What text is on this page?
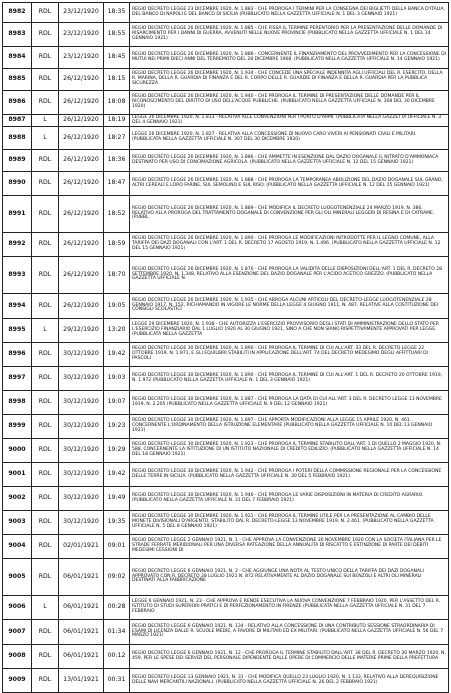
8982	RDL	23/12/1920	18:35	REGIO DECRETO LEGGE 23 DICEMBRE 1920, N. 1.883 - CHE PROROGA I TERMINI PER LA CONSEGNA DEI BIGLIETTI DELLA BANCA D'ITALIA, DEL BANCO DI NAPOLI E DEL BANCO DI SICILIA (PUBBLICATO NELLA GAZZETTA UFFICIALE N. 1 DEL 3 GENNAIO 1921)
8983	RDL	23/12/1920	18:55	REGIO DECRETO LEGGE 26 DICEMBRE 1920, N. 1.885 - CHE FISSA IL TERMINE PERENTORIO PER LA PRESENTAZIONE DELLE DOMANDE DI RISARCIMENTO PER I DANNI DI GUERRA, AVVENUTI NELLE NUOVE PROVINCIE (PUBBLICATO NELLA GAZZETTA UFFICIALE N. 1 DEL 14 GENNAIO 1921)
8984	RDL	23/12/1920	18:45	REGIO DECRETO LEGGE 26 DICEMBRE 1920, N. 1.886 - CONCERNENTE IL FINANZIAMENTO DEL PROVVEDIMENTO PER LA CONCESSIONE DI MUTUI NEI PRIMI DIECI ANNI DEL TERREMOTO DEL 28 DICEMBRE 1908. (PUBBLICATO NELLA GAZZETTA UFFICIALE N. 14 GENNAIO 1921)
8985	RDL	26/12/1920	18:15	REGIO DECRETO LEGGE 26 DICEMBRE 1920, N. 1.934 - CHE CONCEDE UNA SPECIALE INDENNITA AGLI UFFICIALI DEL R. ESERCITO, DELLA R. MARINA, DELLA R. GUARDIA DI FINANZA E DEL R. CORPO DELLE R. GUARDIE DI FINANZA E DELLA R. GUARDIA PER LA PUBBLICA SICUREZZA
8986	RDL	26/12/1920	18:08	REGIO DECRETO LEGGE 26 DICEMBRE 1920, N. 1.940 - CHE PROROGA IL TERMINE DI PRESENTAZIONE DELLE DOMANDE PER IL RICONOSCIMENTO DEL DIRITTO DI USO DELL'ACQUE PUBBLICHE. (PUBBLICATO NELLA GAZZETTA UFFICIALE N. 308 DEL 30 DICEMBRE 1920)
8987	L	26/12/1920	18:19	LEGGE 26 DICEMBRE 1920, N. 1.813 - RELATIVA ALLE CONVENZIONI PER I PORTO D'ARMI. (PUBBLICATA NELLA GAZZETTA UFFICIALE N. 3 DEL 4 GENNAIO 1921)
8988	L	26/12/1920	18:27	LEGGE 26 DICEMBRE 1920, N. 1.827 - RELATIVA ALLA CONCESSIONE DI NUOVO CARO VIVERI AI PENSIONATI CIVILI E MILITARI. (PUBBLICATA NELLA GAZZETTA UFFICIALE N. 307 DEL 30 DICEMBRE 1920)
8989	RDL	26/12/1920	18:36	REGIO DECRETO LEGGE 26 DICEMBRE 1920, N. 1.886 - CHE AMMETTE IN ESENZIONE DAL DAZIO DOGANALE IL NITRATO D'AMMONIACA DESTINATO PER USO DI CONCIMAZIONE AGRICOLA. (PUBBLICATO NELLA GAZZETTA UFFICIALE N. 12 DEL 15 GENNAIO 1921)
8990	RDL	26/12/1920	18:47	REGIO DECRETO LEGGE 26 DICEMBRE 1920, N. 1.888 - CHE PROROGA LA TEMPORANEA ABOLIZIONE DEL DAZIO DOGANALE SUL GRANO, ALTRI CEREALI E LORO FARINE, SUL SEMOLINO E SUL RISO. (PUBBLICATO NELLA GAZZETTA UFFICIALE N. 12 DEL 15 GENNAIO 1921)
8991	RDL	26/12/1920	18:52	REGIO DECRETO LEGGE 26 DICEMBRE 1920, N. 1.889 - CHE MODIFICA IL DECRETO LUOGOTENENZIALE 24 MARZO 1919, N. 386, RELATIVO ALLA PROROGA DEL TRATTAMENTO DOGANALE DI CONVENZIONE PER GLI OLI MINERALI LEGGERI DI RESINA E DI CATRAME. (PUBBL.
8992	RDL	26/12/1920	18:59	REGIO DECRETO LEGGE 26 DICEMBRE 1920, N. 1.890 - CHE PROROGA LE MODIFICAZIONI INTRODOTTE PER IL LEGNO COMUNE, ALLA TARIFFA DEI DAZI DOGANALI CON L'ART. 1 DEL R. DECRETO 17 AGOSTO 1919, N. 1.496. (PUBBLICATO NELLA GAZZETTA UFFICIALE N. 12 DEL 15 GENNAIO 1921)
8993	RDL	26/12/1920	18:70	REGIO DECRETO LEGGE 26 DICEMBRE 1920, N. 1.870 - CHE PROROGA LA VALIDITA DELLE DISPOSIZIONI DELL'ART. 1 DEL R. DECRETO 28 SETTEMBRE 1920, N. 1.348, RELATIVO ALLA ESENZIONE DEL DAZIO DOGANALE PER L'ACIDO ACETICO GREZZO. (PUBBLICATO NELLA GAZZETTA UFFICIALE N.
8994	RDL	26/12/1920	19:05	REGIO DECRETO LEGGE 26 DICEMBRE 1920, N. 1.935 - CHE ABROGA ALCUNI ARTICOLI DEL DECRETO-LEGGE LUOGOTENENZIALE 28 GENNAIO 1917, N. 152, RICHIAMANDO IN VIGORE LE NORME DELLA LEGGE 4 GIUGNO 1911, N. 487, RELATIVE ALLA COSTITUZIONE DEI CONSIGLI SCOLASTICI
8995	L	29/12/1920	13:20	LEGGE 29 DICEMBRE 1920, N. 1.938 - CHE AUTORIZZA L'ESERCIZIO PROVVISORIO DEGLI STATI DI AMMINISTRAZIONE DELLO STATO PER L'ESERCIZIO FINANZIARIO DAL 1 LUGLIO 1920 AL 30 GIUGNO 1921, SINO A CHE NON SIANO RISPETTIVAMENTE APPROVATI PER LEGGE. (PUBBLICATA NELLA GAZZETTA
8996	RDL	30/12/1920	19:42	REGIO DECRETO LEGGE 30 DICEMBRE 1920, N. 1.890 - CHE PROROGA IL TERMINE DI CUI ALL'ART. 33 DEL R. DECRETO LEGGE 22 OTTOBRE 1919, N. 1.971, E GLI EQUILIBRI STABILITI IN APPLICAZIONE DELL'ART. 74 DEL DECRETO MEDESIMO DEGLI AFFITTUARI DI PASCOLI
8997	RDL	30/12/1920	19:03	REGIO DECRETO LEGGE 30 DICEMBRE 1920, N. 1.890 - CHE PROROGA IL TERMINE DI CUI ALL'ART. 1 DEL R. DECRETO 20 OTTOBRE 1919, N. 1.972 (PUBBLICATO NELLA GAZZETTA UFFICIALE N. 1 DEL 3 GENNAIO 1921)
8998	RDL	30/12/1920	19:07	REGIO DECRETO LEGGE 30 DICEMBRE 1920, N. 1.887 - CHE PROROGA LA DATA DI CUI ALL'ART. 3 DEL R. DECRETO LEGGE 13 NOVEMBRE 1919, N. 2.205 (PUBBLICATO NELLA GAZZETTA UFFICIALE N. 9 DEL 12 GENNAIO 1921)
8999	RDL	30/12/1920	19:23	REGIO DECRETO LEGGE 30 DICEMBRE 1920, N. 1.897 - CHE APPORTA MODIFICAZIONI ALLA LEGGE 15 APRILE 1920, N. 461, CONCERNENTE L'ORDINAMENTO DELLA ISTRUZIONE ELEMENTARE (PUBBLICATO NELLA GAZZETTA UFFICIALE N. 10 DEL 13 GENNAIO 1921)
9000	RDL	30/12/1920	19:29	REGIO DECRETO LEGGE 30 DICEMBRE 1920, N. 1.923 - CHE PROROGA IL TERMINE STABILITO DALL'ART. 1 DI QUELLO 2 MAGGIO 1920, N. 588, CONCERNENTE LA ISTITUZIONE DI UN ISTITUTO NAZIONALE DI CREDITO EDILIZIO. (PUBBLICATO NELLA GAZZETTA UFFICIALE N. 14 DEL 18 GENNAIO 1921)
9001	RDL	30/12/1920	19:42	REGIO DECRETO LEGGE 30 DICEMBRE 1920, N. 1.942 - CHE PROROGA I POTERI DELLA COMMISSIONE REGIONALE PER LA CONCESSIONE DELLE TERRE IN SICILIA. (PUBBLICATO NELLA GAZZETTA UFFICIALE N. 30 DEL 5 FEBBRAIO 1921)
9002	RDL	30/12/1920	19:49	REGIO DECRETO LEGGE 30 DICEMBRE 1920, N. 1.946 - CHE PROROGA LE VARIE DISPOSIZIONI IN MATERIA DI CREDITO AGRARIO. (PUBBLICATO NELLA GAZZETTA UFFICIALE N. 31 DEL 7 FEBBRAIO 1921)
9003	RDL	30/12/1920	19:35	REGIO DECRETO LEGGE 30 DICEMBRE 1920, N. 1.921 - CHE PROROGA IL TERMINE UTILE PER LA PRESENTAZIONE AL CAMBIO DELLE MONETE DIVISIONALI D'ARGENTO, STABILITO DAL R. DECRETO-LEGGE 13 NOVEMBRE 1919, N. 2.461. (PUBBLICATO NELLA GAZZETTA UFFICIALE N. 5 DEL 8 GENNAIO 1921)
9004	RDL	02/01/1921	09:01	REGIO DECRETO LEGGE 2 GENNAIO 1921, N. 1 - CHE APPROVA LA CONVENZIONE 30 NOVEMBRE 1920 CON LA SOCIETA ITALIANA PER LE STRADE FERRATE MERIDIONALI PER UNA DIVERSA RATEAZIONE DELLA ANNUALITA DI RISCATTO E ESTINZIONE DI PARTE DEI DEBITI MEDESIMI CESSIONI DI
9005	RDL	06/01/1921	09:02	REGIO DECRETO LEGGE 6 GENNAIO 1921, N. 2 - CHE AGGIUNGE UNA NOTA AL TESTO UNICO DELLA TARIFFA DEI DAZI DOGANALI APPROVATO CON R. DECRETO 28 LUGLIO 1921 N. 872 RELATIVAMENTE AL DAZIO DOGANALE SUI BENZOLI E ALTRI OLI MINERALI DESTINATI ALLA FABBRICAZIONE
9006	L	06/01/1921	00:28	LEGGE 6 GENNAIO 1921, N. 23 - CHE APPROVA E RENDE ESECUTIVA LA NUOVA CONVENZIONE 7 FEBBRAIO 1920, PER L'ASSETTO DEL R. ISTITUTO DI STUDI SUPERIORI PRATICI E DI PERFEZIONAMENTO IN FIRENZE (PUBBLICATA NELLA GAZZETTA UFFICIALE N. 31 DEL 7 FEBBRAIO
9007	RDL	06/01/1921	01:34	REGIO DECRETO LEGGE 6 GENNAIO 1921, N. 134 - RELATIVO ALLA CONCESSIONE DI UNA CONTRIBUTO SESSIONE STRAORDINARIA DI ESAMI DI LICENZA DALLE R. SCUOLE MEDIE, A FAVORE DI MILITARI ED EX MILITARI. (PUBBLICATO NELLA GAZZETTA UFFICIALE N. 56 DEL 7 MARZO 1921)
9008	RDL	06/01/1921	00:12	REGIO DECRETO LEGGE 6 GENNAIO 1921, N. 12 - CHE PROROGA IL TERMINE STABILITO DALL'ART. 38 DEL R. DECRETO 30 MARZO 1920, N. 459, PER LE SPESE DEI SERVIZI DEL PERSONALE DIPENDENTE DALLE OPERE DI COMMERCIO DELLE MATERIE PRIME DELLA PREFETTURA
9009	RDL	13/01/1921	00:31	REGIO DECRETO LEGGE 13 GENNAIO 1921, N. 31 - CHE MODIFICA QUELLO 23 LUGLIO 1920, N. 1.133, RELATIVO ALLA DEREQUISIZIONE DELLE NAVI MERCANTILI NAZIONALI. (PUBBLICATO NELLA GAZZETTA UFFICIALE N. 26 DEL 2 FEBBRAIO 1921)
